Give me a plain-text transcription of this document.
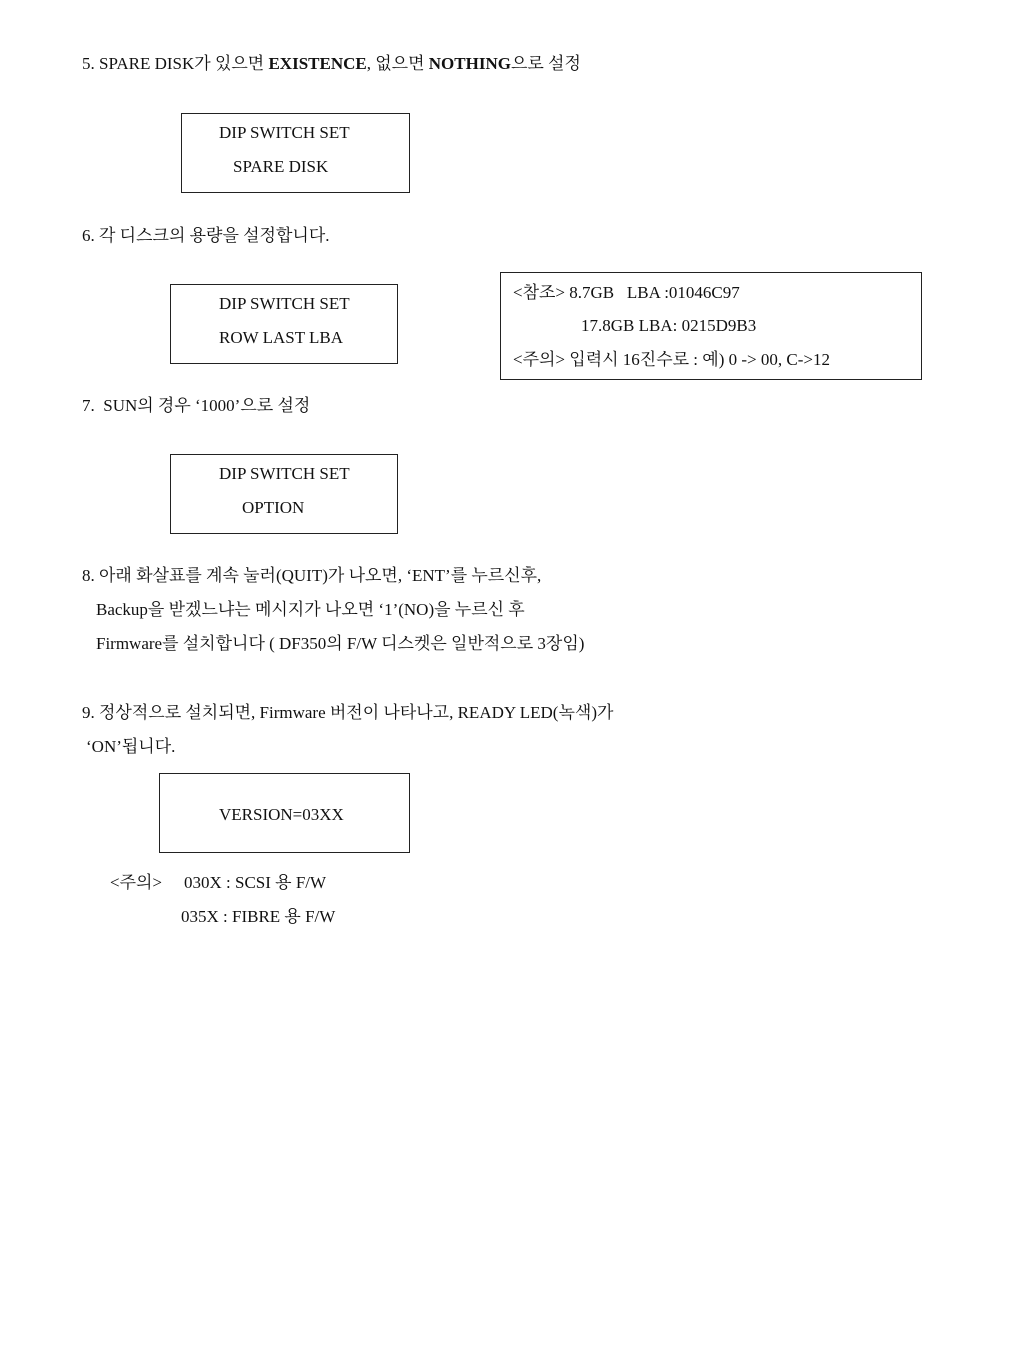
5. SPARE DISK가 있으면 EXISTENCE, 없으면 NOTHING으로 설정
DIP SWITCH SET
SPARE DISK
6. 각 디스크의 용량을 설정합니다.
DIP SWITCH SET
ROW LAST LBA
<참조> 8.7GB   LBA :01046C97
17.8GB LBA: 0215D9B3
<주의> 입력시 16진수로 : 예) 0 -> 00, C->12
7.  SUN의 경우 ‘1000’으로 설정
DIP SWITCH SET
OPTION
8. 아래 화살표를 계속 눌러(QUIT)가 나오면, ‘ENT’를 누르신후,
Backup을 받겠느냐는 메시지가 나오면 ‘1’(NO)을 누르신 후
Firmware를 설치합니다 ( DF350의 F/W 디스켓은 일반적으로 3장임)
9. 정상적으로 설치되면, Firmware 버전이 나타나고, READY LED(녹색)가
‘ON’됩니다.
VERSION=03XX
<주의> 030X : SCSI 용 F/W
035X : FIBRE 용 F/W
